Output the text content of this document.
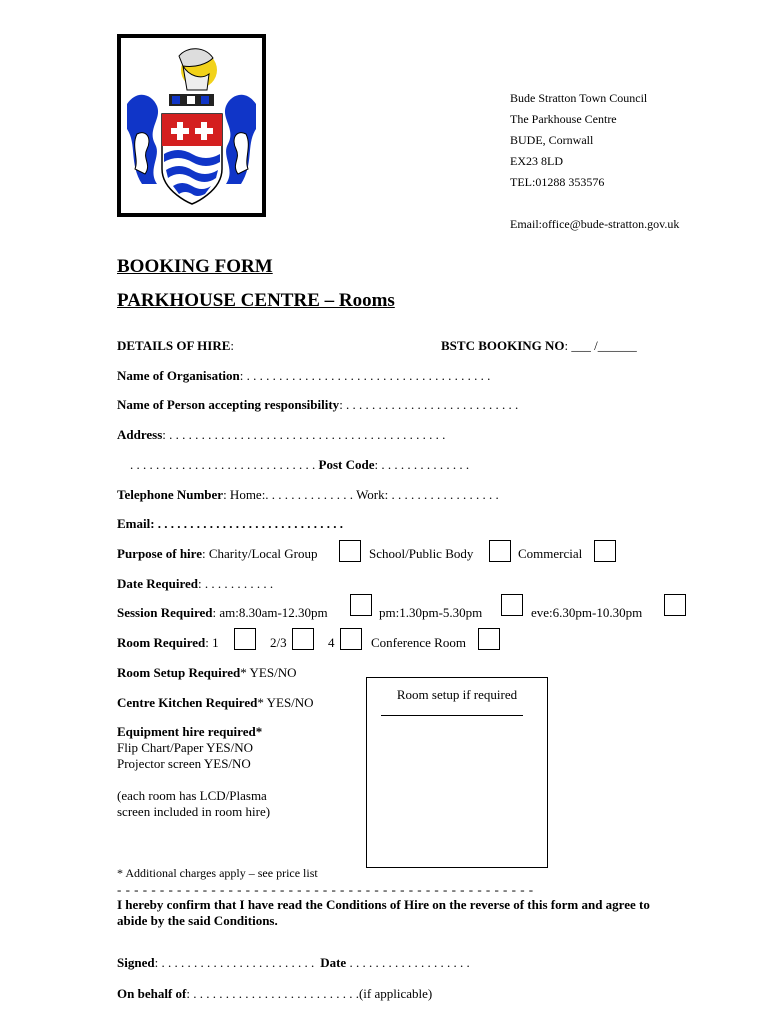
Bude Stratton Town Council
The Parkhouse Centre
BUDE, Cornwall
EX23 8LD
TEL:01288 353576
Email:office@bude-stratton.gov.uk
BOOKING FORM
PARKHOUSE CENTRE – Rooms
DETAILS OF HIRE:	BSTC BOOKING NO: ___ /______
Name of Organisation: . . . . . . . . . . . . . . . . . . . . . . . . . . . . . . . . . . . . . .
Name of Person accepting responsibility: . . . . . . . . . . . . . . . . . . . . . . . . . . .
Address: . . . . . . . . . . . . . . . . . . . . . . . . . . . . . . . . . . . . . . . . . . .
. . . . . . . . . . . . . . . . . . . . . . . . . . . . . Post Code: . . . . . . . . . . . . . .
Telephone Number: Home:. . . . . . . . . . . . . . Work: . . . . . . . . . . . . . . . . .
Email: . . . . . . . . . . . . . . . . . . . . . . . . . . . . .
Purpose of hire: Charity/Local Group	School/Public Body	Commercial
Date Required: . . . . . . . . . . .
Session Required: am:8.30am-12.30pm	pm:1.30pm-5.30pm	eve:6.30pm-10.30pm
Room Required: 1	2/3	4	Conference Room
Room Setup Required* YES/NO
Centre Kitchen Required* YES/NO
Room setup if required
Equipment hire required*
Flip Chart/Paper YES/NO
Projector screen YES/NO
(each room has LCD/Plasma
screen included in room hire)
* Additional charges apply – see price list
- - - - - - - - - - - - - - - - - - - - - - - - - - - - - - - - - - - - - - - - - - - - - - - - -
I hereby confirm that I have read the Conditions of Hire on the reverse of this form and agree to
abide by the said Conditions.
Signed: . . . . . . . . . . . . . . . . . . . . . . . . Date . . . . . . . . . . . . . . . . . . .
On behalf of: . . . . . . . . . . . . . . . . . . . . . . . . . .(if applicable)
